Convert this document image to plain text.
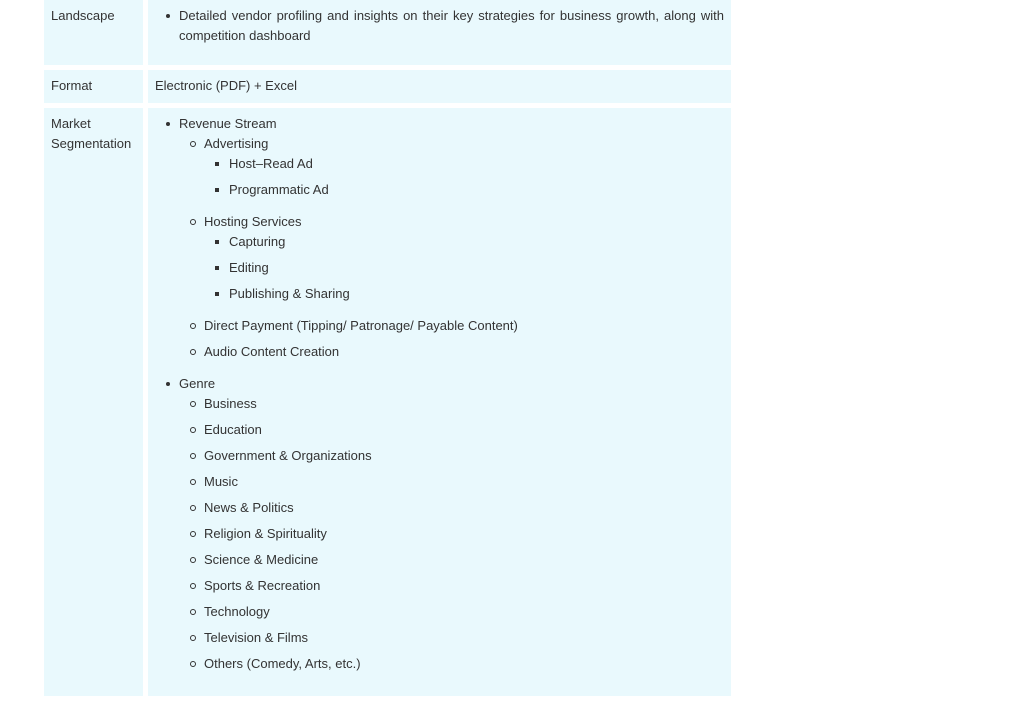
Landscape	Detailed vendor profiling and insights on their key strategies for business growth, along with competition dashboard
Format	Electronic (PDF) + Excel
Market Segmentation
Revenue Stream
Advertising
Host–Read Ad
Programmatic Ad
Hosting Services
Capturing
Editing
Publishing & Sharing
Direct Payment (Tipping/ Patronage/ Payable Content)
Audio Content Creation
Genre
Business
Education
Government & Organizations
Music
News & Politics
Religion & Spirituality
Science & Medicine
Sports & Recreation
Technology
Television & Films
Others (Comedy, Arts, etc.)
